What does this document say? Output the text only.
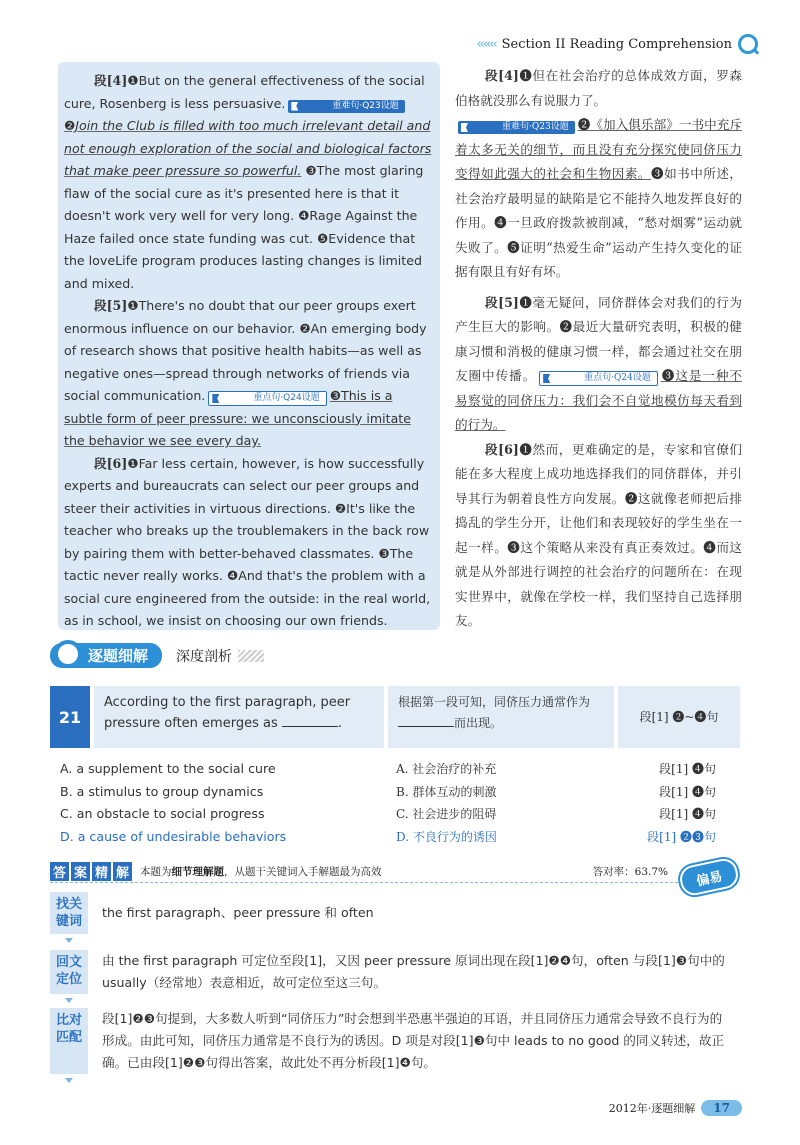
‹‹‹‹‹‹ Section II Reading Comprehension

段[4]❶But on the general effectiveness of the social cure, Rosenberg is less persuasive.	重难句·Q23设题❷Join the Club is filled with too much irrelevant detail and not enough exploration of the social and biological factors that make peer pressure so powerful. ❸The most glaring flaw of the social cure as it's presented here is that it doesn't work very well for very long. ❹Rage Against the Haze failed once state funding was cut. ❺Evidence that the loveLife program produces lasting changes is limited and mixed.

段[5]❶There's no doubt that our peer groups exert enormous influence on our behavior. ❷An emerging body of research shows that positive health habits—as well as negative ones—spread through networks of friends via social communication.	重点句·Q24设题 ❸This is a subtle form of peer pressure: we unconsciously imitate the behavior we see every day.

段[6]❶Far less certain, however, is how successfully experts and bureaucrats can select our peer groups and steer their activities in virtuous directions. ❷It's like the teacher who breaks up the troublemakers in the back row by pairing them with better-behaved classmates. ❸The tactic never really works. ❹And that's the problem with a social cure engineered from the outside: in the real world, as in school, we insist on choosing our own friends.

段[4]❶但在社会治疗的总体成效方面，罗森伯格就没那么有说服力了。
重难句·Q23设题 ❷《加入俱乐部》一书中充斥着太多无关的细节，而且没有充分探究使同侪压力变得如此强大的社会和生物因素。❸如书中所述，社会治疗最明显的缺陷是它不能持久地发挥良好的作用。❹一旦政府拨款被削减，“愁对烟雾”运动就失败了。❺证明“热爱生命”运动产生持久变化的证据有限且有好有坏。

段[5]❶毫无疑问，同侪群体会对我们的行为产生巨大的影响。❷最近大量研究表明，积极的健康习惯和消极的健康习惯一样，都会通过社交在朋友圈中传播。	重点句·Q24设题 ❸这是一种不易察觉的同侪压力：我们会不自觉地模仿每天看到的行为。

段[6]❶然而，更难确定的是，专家和官僚们能在多大程度上成功地选择我们的同侪群体，并引导其行为朝着良性方向发展。❷这就像老师把后排捣乱的学生分开，让他们和表现较好的学生坐在一起一样。❸这个策略从来没有真正奏效过。❹而这就是从外部进行调控的社会治疗的问题所在：在现实世界中，就像在学校一样，我们坚持自己选择朋友。

逐题细解	深度剖析
21
According to the first paragraph, peer pressure often emerges as	.
根据第一段可知，同侪压力通常作为而出现。	段[1] ❷~❹句
A. a supplement to the social cure	A. 社会治疗的补充	段[1] ❹句
B. a stimulus to group dynamics	B. 群体互动的刺激	段[1] ❹句
C. an obstacle to social progress	C. 社会进步的阻碍	段[1] ❹句
D. a cause of undesirable behaviors	D. 不良行为的诱因	段[1] ❷❸句
答 案 精 解 本题为细节理解题，从题干关键词入手解题最为高效	答对率：63.7%	偏易
找关键词
the first paragraph、peer pressure 和 often
回文定位
由 the first paragraph 可定位至段[1]，又因 peer pressure 原词出现在段[1]❷❹句，often 与段[1]❸句中的 usually（经常地）表意相近，故可定位至这三句。
比对匹配
段[1]❷❸句提到，大多数人听到“同侪压力”时会想到半恐惠半强迫的耳语，并且同侪压力通常会导致不良行为的形成。由此可知，同侪压力通常是不良行为的诱因。D 项是对段[1]❸句中 leads to no good 的同义转述，故正确。已由段[1]❷❸句得出答案，故此处不再分析段[1]❹句。
2012年·逐题细解	17
